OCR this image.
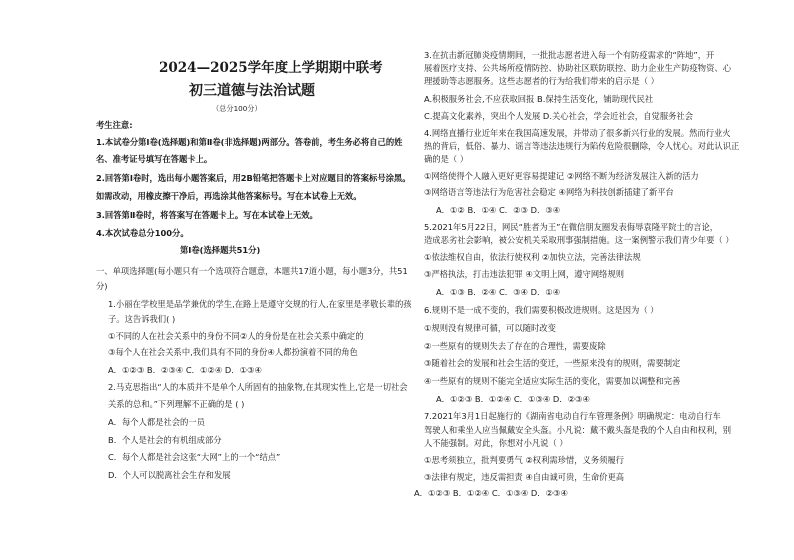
2024—2025学年度上学期期中联考
初三道德与法治试题
（总分100分）
考生注意:
1.本试卷分第Ⅰ卷(选择题)和第Ⅱ卷(非选择题)两部分。答卷前，考生务必将自己的姓
名、准考证号填写在答题卡上。
2.回答第Ⅰ卷时，选出每小题答案后，用2B铅笔把答题卡上对应题目的答案标号涂黑。
如需改动，用橡皮擦干净后，再选涂其他答案标号。写在本试卷上无效。
3.回答第Ⅱ卷时，将答案写在答题卡上。写在本试卷上无效。
4.本次试卷总分100分。
第Ⅰ卷(选择题共51分)
一、单项选择题(每小题只有一个选项符合题意，本题共17道小题，每小题3分，共51
分)
1.小丽在学校里是品学兼优的学生,在路上是遵守交规的行人,在家里是孝敬长辈的孩
子。这告诉我们( )
①不同的人在社会关系中的身份不同②人的身份是在社会关系中确定的
③每个人在社会关系中,我们具有不同的身份④人都扮演着不同的角色
A．①②③ B．②③④ C．①②④ D．①③④
2.马克思指出“人的本质并不是单个人所固有的抽象物,在其现实性上,它是一切社会
关系的总和。”下列理解不正确的是 ( )
A．每个人都是社会的一员
B．个人是社会的有机组成部分
C．每个人都是社会这张“大网”上的一个“结点”
D．个人可以脱离社会生存和发展
3.在抗击新冠肺炎疫情期间，一批批志愿者进入每一个有防疫需求的“阵地”，开
展着医疗支持、公共场所疫情防控、协助社区联防联控、助力企业生产防疫物资、心
理援助等志愿服务。这些志愿者的行为给我们带来的启示是（ ）
A.积极服务社会,不应获取回报 B.保持生活变化，铺助现代民社
C.提高文化素养，突出个人发展 D.关心社会，学会近社会，自觉服务社会
4.网络直播行业近年来在我国高速发展，并带动了很多新兴行业的发展。然而行业火
热的背后，低俗、暴力、谣言等违法违规行为陷传危险很删除，令人忧心。对此认识正
确的是（ ）
①网络使得个人融入更好更容易提建记 ②网络不断为经济发展注入新的活力
③网络语言等违法行为危害社会稳定 ④网络为科技创新插建了新平台
A．①② B．①④ C．②③ D．③④
5.2021年5月22日，网民“胜者为王”在微信朋友圈发表侮辱袁隆平院士的言论，
造成恶劣社会影响，被公安机关采取刑事强制措施。这一案例警示我们青少年要（ ）
①依法维权自由，依法行使权利 ②加快立法，完善法律法规
③严格执法，打击违法犯罪 ④文明上网，遵守网络规则
A．①③ B．②④ C．③④ D．①④
6.规则不是一成不变的，我们需要积极改进规则。这是因为（ ）
①规则没有规律可循，可以随时改变
②一些原有的规则失去了存在的合理性，需要废除
③随着社会的发展和社会生活的变迁，一些原来没有的规则，需要制定
④一些原有的规则不能完全适应实际生活的变化，需要加以调整和完善
A．①②③ B．①②④ C．①③④ D．②③④
7.2021年3月1日起施行的《湖南省电动自行车管理条例》明确规定：电动自行车
驾驶人和乘坐人应当佩戴安全头盔。小凡说：戴不戴头盔是我的个人自由和权利，别
人不能强制。对此，你想对小凡说（ ）
①思考须独立，批判要勇气 ②权利需珍惜，义务须履行
③法律有规定，违反需担责 ④自由诚可贵，生命价更高
A．①②③ B．①②④ C．①③④ D．②③④
